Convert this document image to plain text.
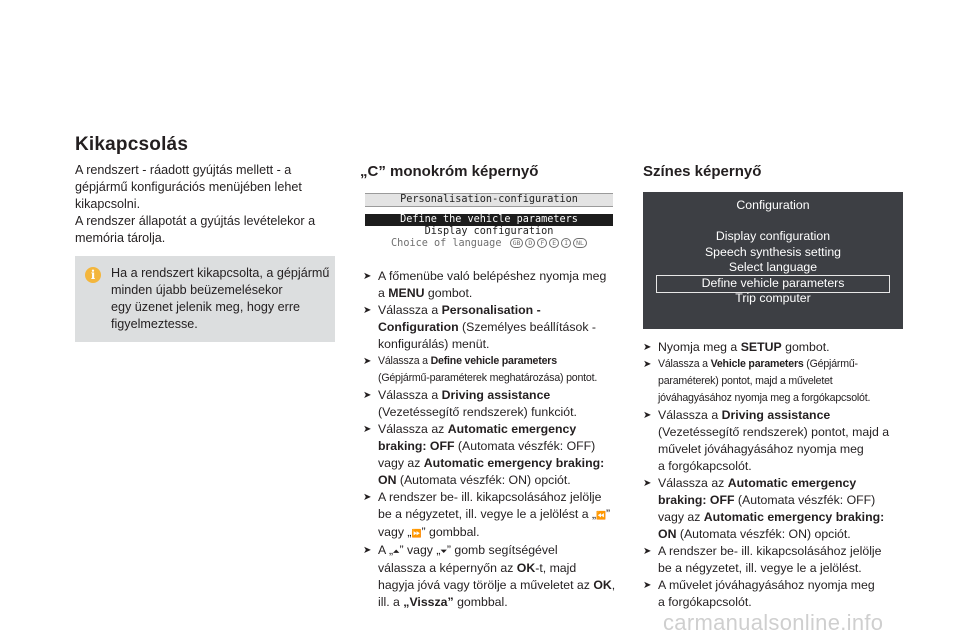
Kikapcsolás
A rendszert - ráadott gyújtás mellett - a
gépjármű konfigurációs menüjében lehet
kikapcsolni.
A rendszer állapotát a gyújtás levételekor a
memória tárolja.
i	Ha a rendszert kikapcsolta, a gépjármű
minden újabb beüzemelésekor
egy üzenet jelenik meg, hogy erre
figyelmeztesse.
„C” monokróm képernyő
Personalisation-configuration
Define the vehicle parameters
Display configuration
Choice of language GB D F E I NL
➤ A főmenübe való belépéshez nyomja meg
a MENU gombot.
➤ Válassza a Personalisation -
Configuration (Személyes beállítások -
konfigurálás) menüt.
➤ Válassza a Define vehicle parameters
(Gépjármű-paraméterek meghatározása) pontot.
➤ Válassza a Driving assistance
(Vezetéssegítő rendszerek) funkciót.
➤ Válassza az Automatic emergency
braking: OFF (Automata vészfék: OFF)
vagy az Automatic emergency braking:
ON (Automata vészfék: ON) opciót.
➤ A rendszer be- ill. kikapcsolásához jelölje
be a négyzetet, ill. vegye le a jelölést a „⏪”
vagy „⏩” gombbal.
➤ A „⏶” vagy „⏷” gomb segítségével
válassza a képernyőn az OK-t, majd
hagyja jóvá vagy törölje a műveletet az OK,
ill. a „Vissza” gombbal.
Színes képernyő
Configuration
Display configuration
Speech synthesis setting
Select language
Define vehicle parameters
Trip computer
➤ Nyomja meg a SETUP gombot.
➤ Válassza a Vehicle parameters (Gépjármű-
paraméterek) pontot, majd a műveletet
jóváhagyásához nyomja meg a forgókapcsolót.
➤ Válassza a Driving assistance
(Vezetéssegítő rendszerek) pontot, majd a
művelet jóváhagyásához nyomja meg
a forgókapcsolót.
➤ Válassza az Automatic emergency
braking: OFF (Automata vészfék: OFF)
vagy az Automatic emergency braking:
ON (Automata vészfék: ON) opciót.
➤ A rendszer be- ill. kikapcsolásához jelölje
be a négyzetet, ill. vegye le a jelölést.
➤ A művelet jóváhagyásához nyomja meg
a forgókapcsolót.
carmanualsonline.info
